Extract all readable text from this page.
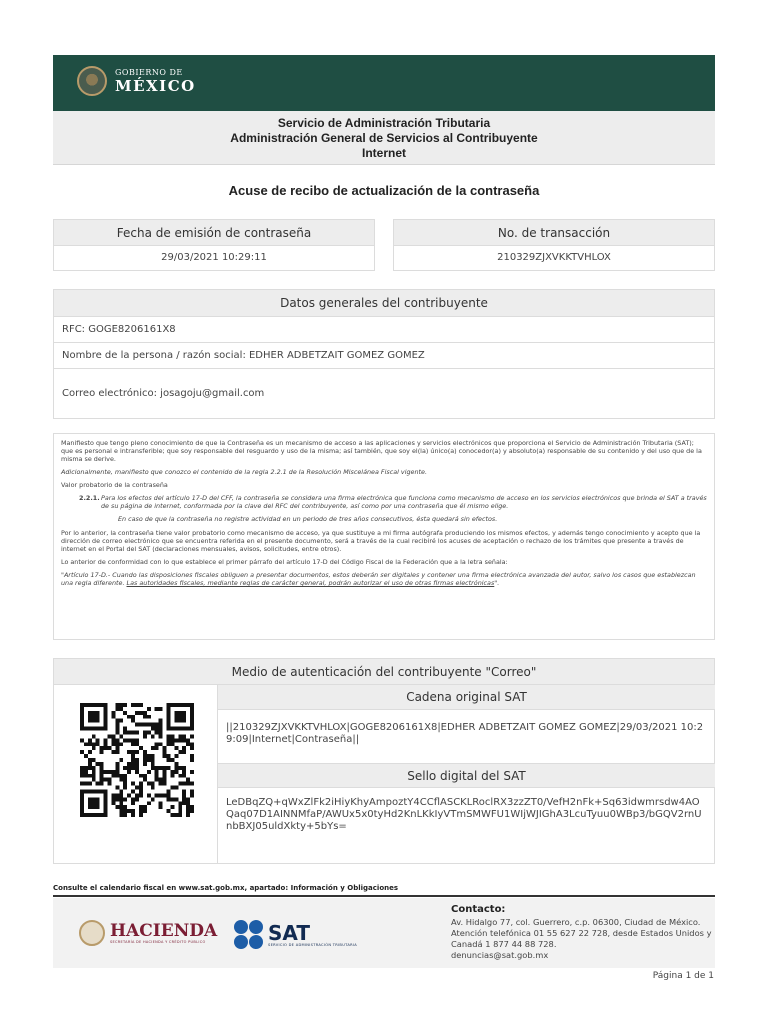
GOBIERNO DE
MÉXICO
Servicio de Administración Tributaria
Administración General de Servicios al Contribuyente
Internet
Acuse de recibo de actualización de la contraseña
Fecha de emisión de contraseña
29/03/2021 10:29:11
No. de transacción
210329ZJXVKKTVHLOX
Datos generales del contribuyente
RFC: GOGE8206161X8
Nombre de la persona / razón social: EDHER ADBETZAIT GOMEZ GOMEZ
Correo electrónico: josagoju@gmail.com

Manifiesto que tengo pleno conocimiento de que la Contraseña es un mecanismo de acceso a las aplicaciones y servicios electrónicos que proporciona el Servicio de Administración Tributaria (SAT); que es personal e intransferible; que soy responsable del resguardo y uso de la misma; así también, que soy el(la) único(a) conocedor(a) y absoluto(a) responsable de su contenido y del uso que de la misma se derive.

Adicionalmente, manifiesto que conozco el contenido de la regla 2.2.1 de la Resolución Miscelánea Fiscal vigente.

Valor probatorio de la contraseña

2.2.1. Para los efectos del artículo 17-D del CFF, la contraseña se considera una firma electrónica que funciona como mecanismo de acceso en los servicios electrónicos que brinda el SAT a través de su página de internet, conformada por la clave del RFC del contribuyente, así como por una contraseña que él mismo elige.
En caso de que la contraseña no registre actividad en un periodo de tres años consecutivos, ésta quedará sin efectos.

Por lo anterior, la contraseña tiene valor probatorio como mecanismo de acceso, ya que sustituye a mi firma autógrafa produciendo los mismos efectos, y además tengo conocimiento y acepto que la dirección de correo electrónico que se encuentra referida en el presente documento, será a través de la cual recibiré los acuses de aceptación o rechazo de los trámites que presente a través de internet en el Portal del SAT (declaraciones mensuales, avisos, solicitudes, entre otros).

Lo anterior de conformidad con lo que establece el primer párrafo del artículo 17-D del Código Fiscal de la Federación que a la letra señala:

"Artículo 17-D.- Cuando las disposiciones fiscales obliguen a presentar documentos, estos deberán ser digitales y contener una firma electrónica avanzada del autor, salvo los casos que establezcan una regla diferente. Las autoridades fiscales, mediante reglas de carácter general, podrán autorizar el uso de otras firmas electrónicas".

Medio de autenticación del contribuyente "Correo"
Cadena original SAT
||210329ZJXVKKTVHLOX|GOGE8206161X8|EDHER ADBETZAIT GOMEZ GOMEZ|29/03/2021 10:29:09|Internet|Contraseña||
Sello digital del SAT
LeDBqZQ+qWxZlFk2iHiyKhyAmpoztY4CCflASCKLRoclRX3zzZT0/VefH2nFk+Sq63idwmrsdw4AOQaq07D1AINNMfaP/AWUx5x0tyHd2KnLKkIyVTmSMWFU1WIjWJIGhA3LcuTyuu0WBp3/bGQV2rnUnbBXJ05uldXkty+5bYs=
Consulte el calendario fiscal en www.sat.gob.mx, apartado: Información y Obligaciones
HACIENDA
SECRETARÍA DE HACIENDA Y CRÉDITO PÚBLICO	SAT
SERVICIO DE ADMINISTRACIÓN TRIBUTARIA
Contacto:
Av. Hidalgo 77, col. Guerrero, c.p. 06300, Ciudad de México.
Atención telefónica 01 55 627 22 728, desde Estados Unidos y Canadá 1 877 44 88 728.
denuncias@sat.gob.mx
Página 1 de 1
